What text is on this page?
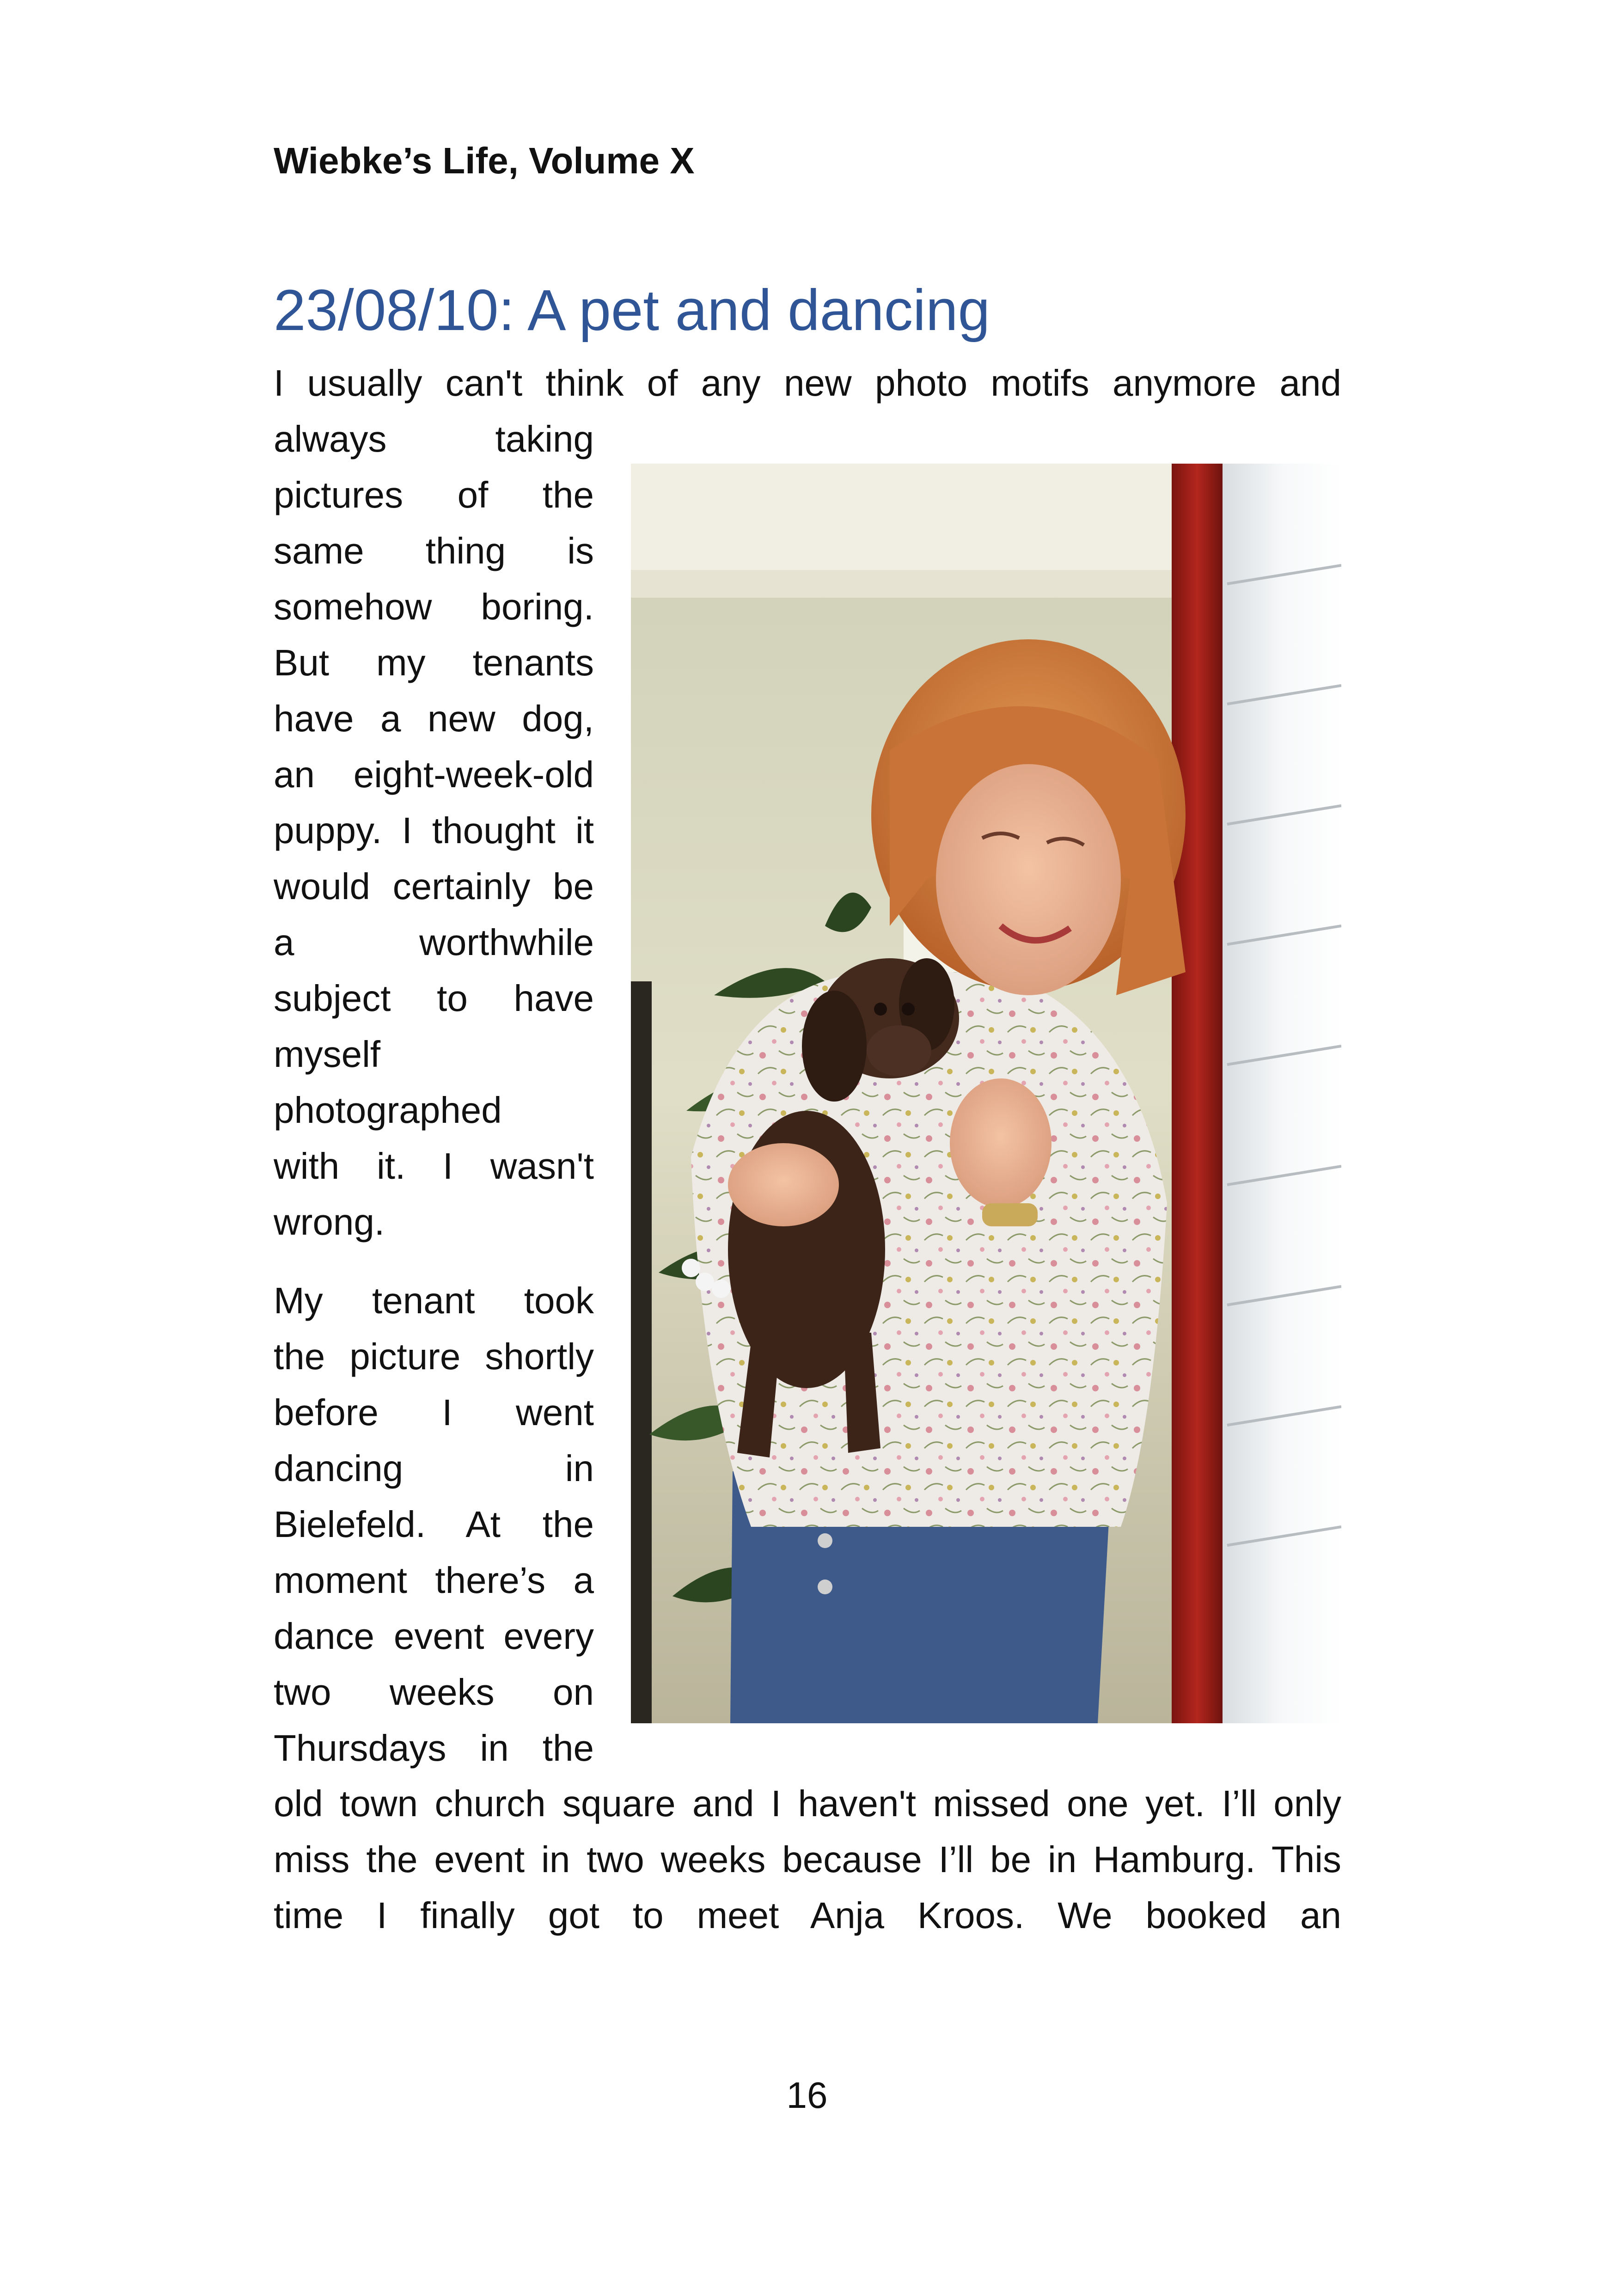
Wiebke’s Life, Volume X
23/08/10: A pet and dancing
I usually can't think of any new photo motifs anymore and
always taking
pictures of the
same thing is
somehow boring.
But my tenants
have a new dog,
an eight-week-old
puppy. I thought it
would certainly be
a worthwhile
subject to have
myself
photographed
with it. I wasn't
wrong.
My tenant took
the picture shortly
before I went
dancing in
Bielefeld. At the
moment there’s a
dance event every
two weeks on
Thursdays in the
old town church square and I haven't missed one yet. I’ll only
miss the event in two weeks because I’ll be in Hamburg. This
time I finally got to meet Anja Kroos. We booked an
16
